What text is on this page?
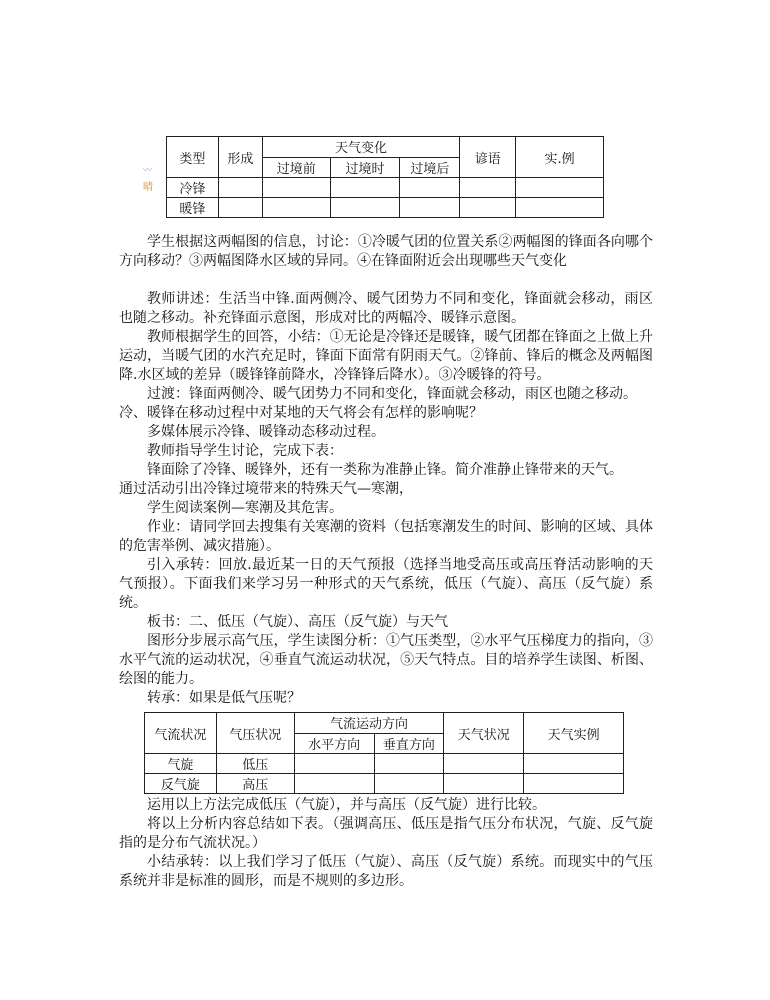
〰
晴
类型	形成	天气变化			谚语	实.例
		过境前	过境时	过境后		
冷锋						
暖锋						

学生根据这两幅图的信息，讨论：①冷暖气团的位置关系②两幅图的锋面各向哪个方向移动？③两幅图降水区域的异同。④在锋面附近会出现哪些天气变化

教师讲述：生活当中锋.面两侧冷、暖气团势力不同和变化，锋面就会移动，雨区也随之移动。补充锋面示意图，形成对比的两幅冷、暖锋示意图。

教师根据学生的回答，小结：①无论是冷锋还是暖锋，暖气团都在锋面之上做上升运动，当暖气团的水汽充足时，锋面下面常有阴雨天气。②锋前、锋后的概念及两幅图降.水区域的差异（暖锋锋前降水，冷锋锋后降水）。③冷暖锋的符号。

过渡：锋面两侧冷、暖气团势力不同和变化，锋面就会移动，雨区也随之移动。

冷、暖锋在移动过程中对某地的天气将会有怎样的影响呢？

多媒体展示冷锋、暖锋动态移动过程。

教师指导学生讨论，完成下表：

锋面除了冷锋、暖锋外，还有一类称为准静止锋。简介准静止锋带来的天气。

通过活动引出冷锋过境带来的特殊天气—寒潮，

学生阅读案例—寒潮及其危害。

作业：请同学回去搜集有关寒潮的资料（包括寒潮发生的时间、影响的区域、具体的危害举例、减灾措施）。

引入承转：回放.最近某一日的天气预报（选择当地受高压或高压脊活动影响的天气预报）。下面我们来学习另一种形式的天气系统，低压（气旋）、高压（反气旋）系统。

板书：二、低压（气旋）、高压（反气旋）与天气

图形分步展示高气压，学生读图分析：①气压类型，②水平气压梯度力的指向，③水平气流的运动状况，④垂直气流运动状况，⑤天气特点。目的培养学生读图、析图、绘图的能力。

转承：如果是低气压呢？

气流状况	气压状况	气流运动方向		天气状况	天气实例
		水平方向	垂直方向		
气旋	低压				
反气旋	高压				

运用以上方法完成低压（气旋），并与高压（反气旋）进行比较。

将以上分析内容总结如下表。（强调高压、低压是指气压分布状况，气旋、反气旋指的是分布气流状况。）

小结承转：以上我们学习了低压（气旋）、高压（反气旋）系统。而现实中的气压系统并非是标准的圆形，而是不规则的多边形。
